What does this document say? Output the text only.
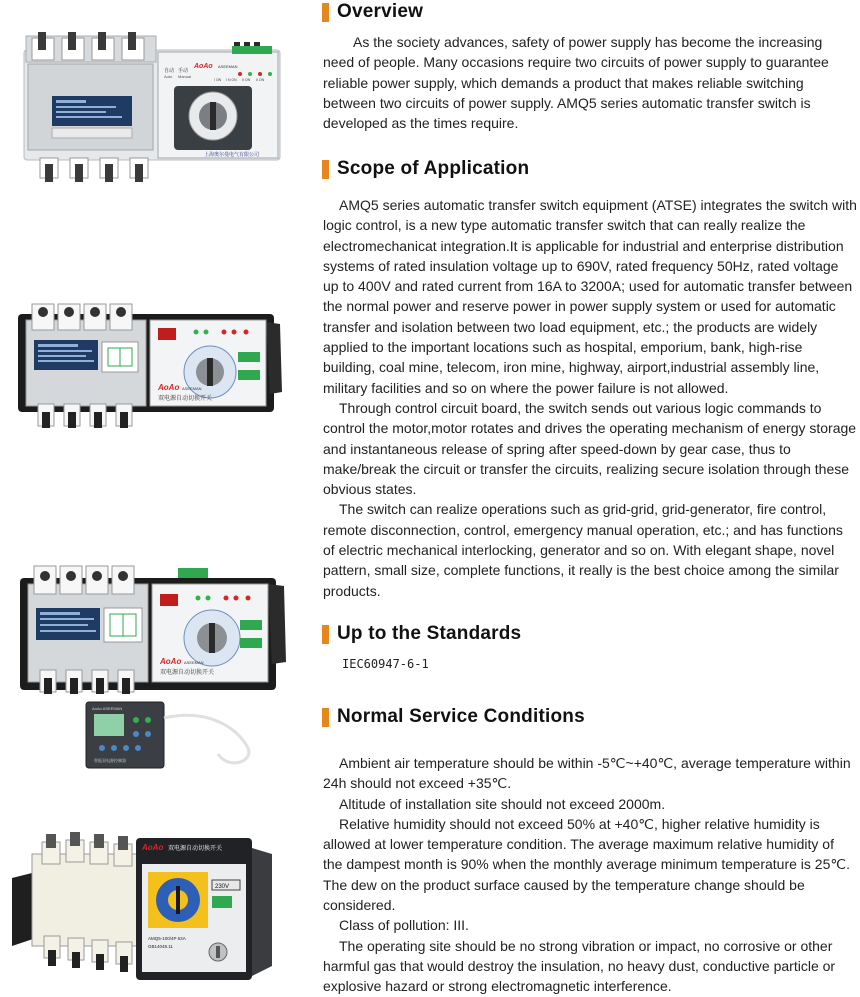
自动 手动
Auto Manual
AoAo ASEEMAN
I ON I N ON II ON II ON
上海奥尔曼电气有限公司
AoAo ASEEMAN
双电源自动切换开关
AoAo ASEEMAN
双电源自动切换开关
AoAo ASEEMAN
智能双电源控制器
AoAo 双电源自动切换开关
230V
AMQ5-100/4P 63A
GB14048.11
Overview

As the society advances, safety of power supply has become the increasing need of people. Many occasions require two circuits of power supply to guarantee reliable power supply, which demands a product that makes reliable switching between two circuits of power supply. AMQ5 series automatic transfer switch is developed as the times require.

Scope of Application
AMQ5 series automatic transfer switch equipment (ATSE) integrates the switch with logic control, is a new type automatic transfer switch that can really realize the electromechanicat integration.It is applicable for industrial and enterprise distribution systems of rated insulation voltage up to 690V, rated frequency 50Hz, rated voltage up to 400V and rated current from 16A to 3200A; used for automatic transfer between the normal power and reserve power in power supply system or used for automatic transfer and isolation between two load equipment, etc.; the products are widely applied to the important locations such as hospital, emporium, bank, high-rise building, coal mine, telecom, iron mine, highway, airport,industrial assembly line, military facilities and so on where the power failure is not allowed.
Through control circuit board, the switch sends out various logic commands to control the motor,motor rotates and drives the operating mechanism of energy storage and instantaneous release of spring after speed-down by gear case, thus to make/break the circuit or transfer the circuits, realizing secure isolation through these obvious states.
The switch can realize operations such as grid-grid, grid-generator, fire control, remote disconnection, control, emergency manual operation, etc.; and has functions of electric mechanical interlocking, generator and so on. With elegant shape, novel pattern, small size, complete functions, it really is the best choice among the similar products.
Up to the Standards
IEC60947-6-1
Normal Service Conditions
Ambient air temperature should be within -5℃~+40℃, average temperature within 24h should not exceed +35℃.
Altitude of installation site should not exceed 2000m.
Relative humidity should not exceed 50% at +40℃, higher relative humidity is allowed at lower temperature condition. The average maximum relative humidity of the dampest month is 90% when the monthly average minimum temperature is 25℃. The dew on the product surface caused by the temperature change should be considered.
Class of pollution: III.
The operating site should be no strong vibration or impact, no corrosive or other harmful gas that would destroy the insulation, no heavy dust, conductive particle or explosive hazard or strong electromagnetic interference.
